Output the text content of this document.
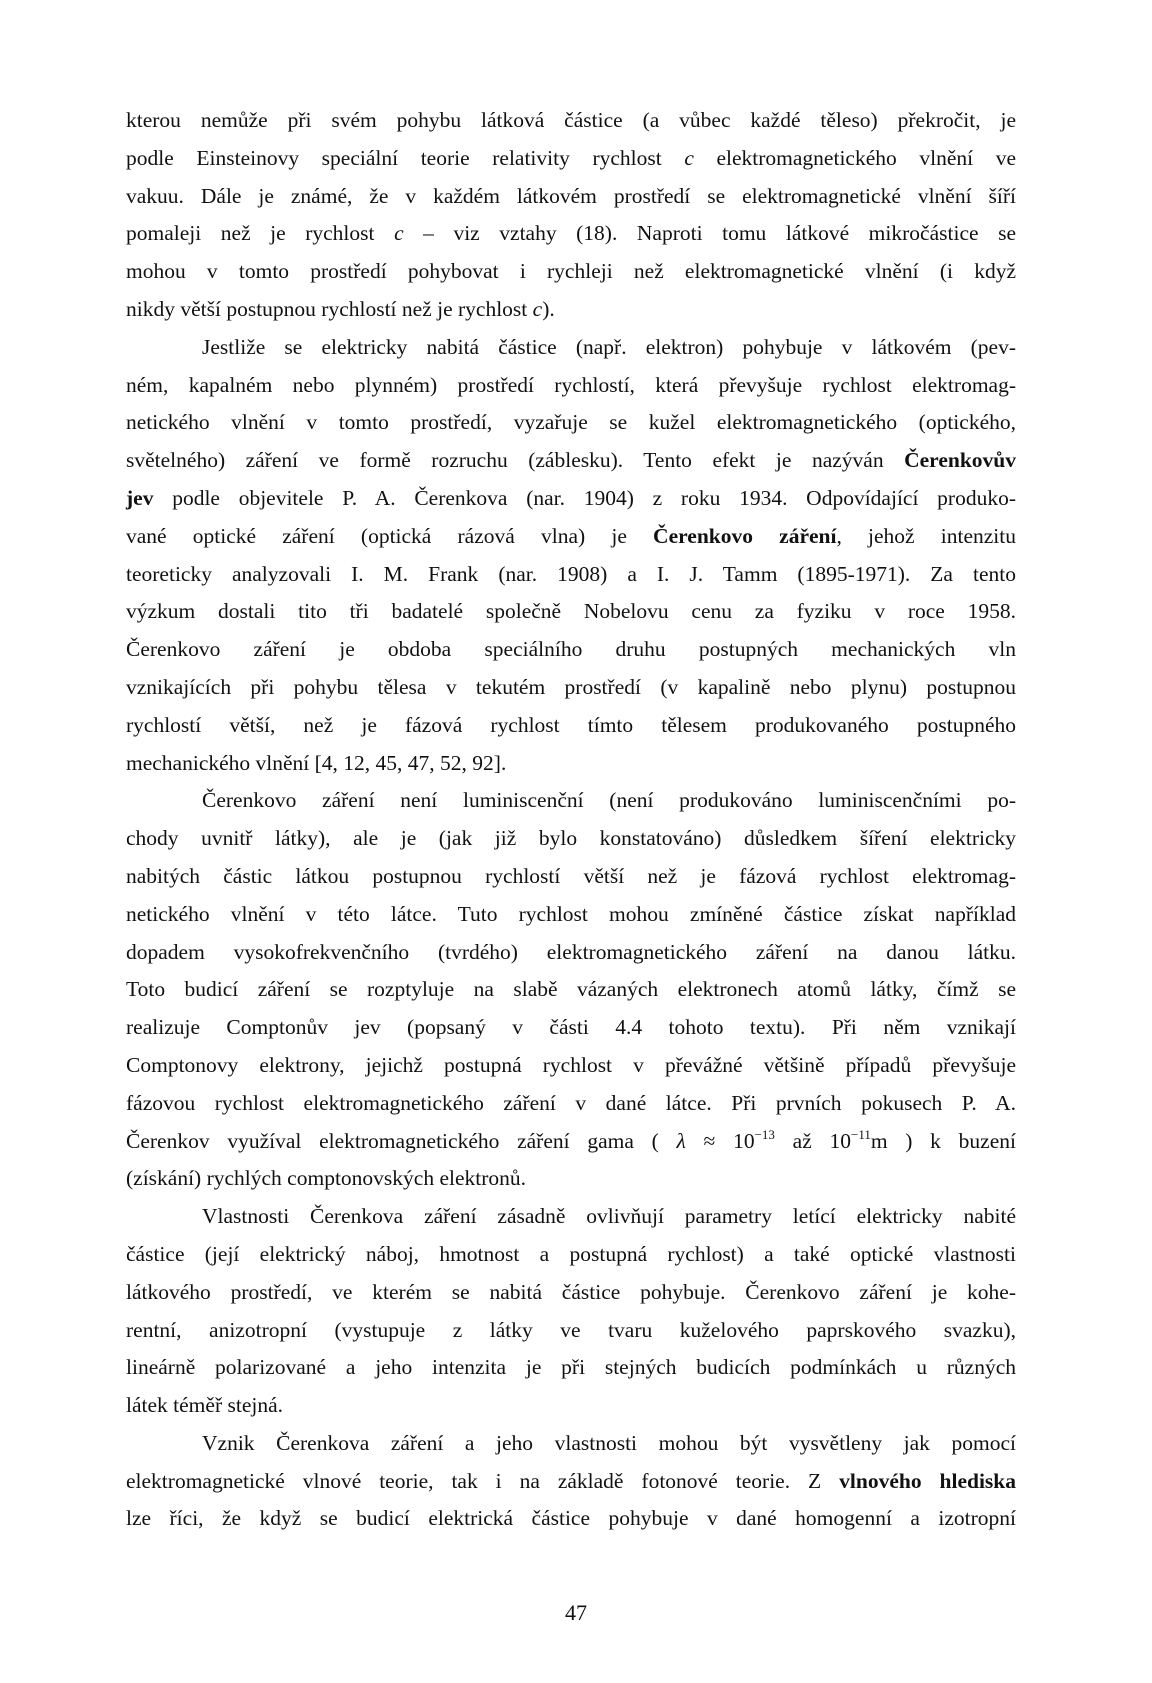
kterou nemůže při svém pohybu látková částice (a vůbec každé těleso) překročit, je
podle Einsteinovy speciální teorie relativity rychlost c elektromagnetického vlnění ve
vakuu. Dále je známé, že v každém látkovém prostředí se elektromagnetické vlnění šíří
pomaleji než je rychlost c – viz vztahy (18). Naproti tomu látkové mikročástice se
mohou v tomto prostředí pohybovat i rychleji než elektromagnetické vlnění (i když
nikdy větší postupnou rychlostí než je rychlost c).
Jestliže se elektricky nabitá částice (např. elektron) pohybuje v látkovém (pev-
ném, kapalném nebo plynném) prostředí rychlostí, která převyšuje rychlost elektromag-
netického vlnění v tomto prostředí, vyzařuje se kužel elektromagnetického (optického,
světelného) záření ve formě rozruchu (záblesku). Tento efekt je nazýván Čerenkovův
jev podle objevitele P. A. Čerenkova (nar. 1904) z roku 1934. Odpovídající produko-
vané optické záření (optická rázová vlna) je Čerenkovo záření, jehož intenzitu
teoreticky analyzovali I. M. Frank (nar. 1908) a I. J. Tamm (1895-1971). Za tento
výzkum dostali tito tři badatelé společně Nobelovu cenu za fyziku v roce 1958.
Čerenkovo záření je obdoba speciálního druhu postupných mechanických vln
vznikajících při pohybu tělesa v tekutém prostředí (v kapalině nebo plynu) postupnou
rychlostí větší, než je fázová rychlost tímto tělesem produkovaného postupného
mechanického vlnění [4, 12, 45, 47, 52, 92].
Čerenkovo záření není luminiscenční (není produkováno luminiscenčními po-
chody uvnitř látky), ale je (jak již bylo konstatováno) důsledkem šíření elektricky
nabitých částic látkou postupnou rychlostí větší než je fázová rychlost elektromag-
netického vlnění v této látce. Tuto rychlost mohou zmíněné částice získat například
dopadem vysokofrekvenčního (tvrdého) elektromagnetického záření na danou látku.
Toto budicí záření se rozptyluje na slabě vázaných elektronech atomů látky, čímž se
realizuje Comptonův jev (popsaný v části 4.4 tohoto textu). Při něm vznikají
Comptonovy elektrony, jejichž postupná rychlost v převážné většině případů převyšuje
fázovou rychlost elektromagnetického záření v dané látce. Při prvních pokusech P. A.
Čerenkov využíval elektromagnetického záření gama ( $\lambda \approx 10^{-13}$ až $10^{-11}m$ ) k buzení
(získání) rychlých comptonovských elektronů.
Vlastnosti Čerenkova záření zásadně ovlivňují parametry letící elektricky nabité
částice (její elektrický náboj, hmotnost a postupná rychlost) a také optické vlastnosti
látkového prostředí, ve kterém se nabitá částice pohybuje. Čerenkovo záření je kohe-
rentní, anizotropní (vystupuje z látky ve tvaru kuželového paprskového svazku),
lineárně polarizované a jeho intenzita je při stejných budicích podmínkách u různých
látek téměř stejná.
Vznik Čerenkova záření a jeho vlastnosti mohou být vysvětleny jak pomocí
elektromagnetické vlnové teorie, tak i na základě fotonové teorie. Z vlnového hlediska
lze říci, že když se budicí elektrická částice pohybuje v dané homogenní a izotropní
47
